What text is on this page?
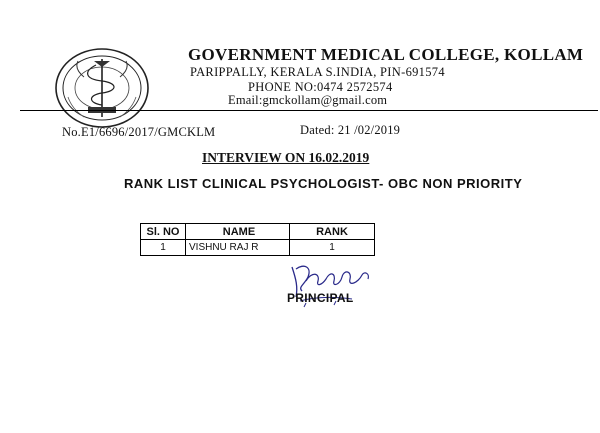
GOVERNMENT MEDICAL COLLEGE, KOLLAM
PARIPPALLY, KERALA S.INDIA, PIN-691574
PHONE NO:0474 2572574
Email:gmckollam@gmail.com
No.E1/6696/2017/GMCKLM	Dated: 21 /02/2019
INTERVIEW ON 16.02.2019
RANK LIST CLINICAL PSYCHOLOGIST- OBC NON PRIORITY
Sl. NO	NAME	RANK
1	VISHNU RAJ R	1
PRINCIPAL
